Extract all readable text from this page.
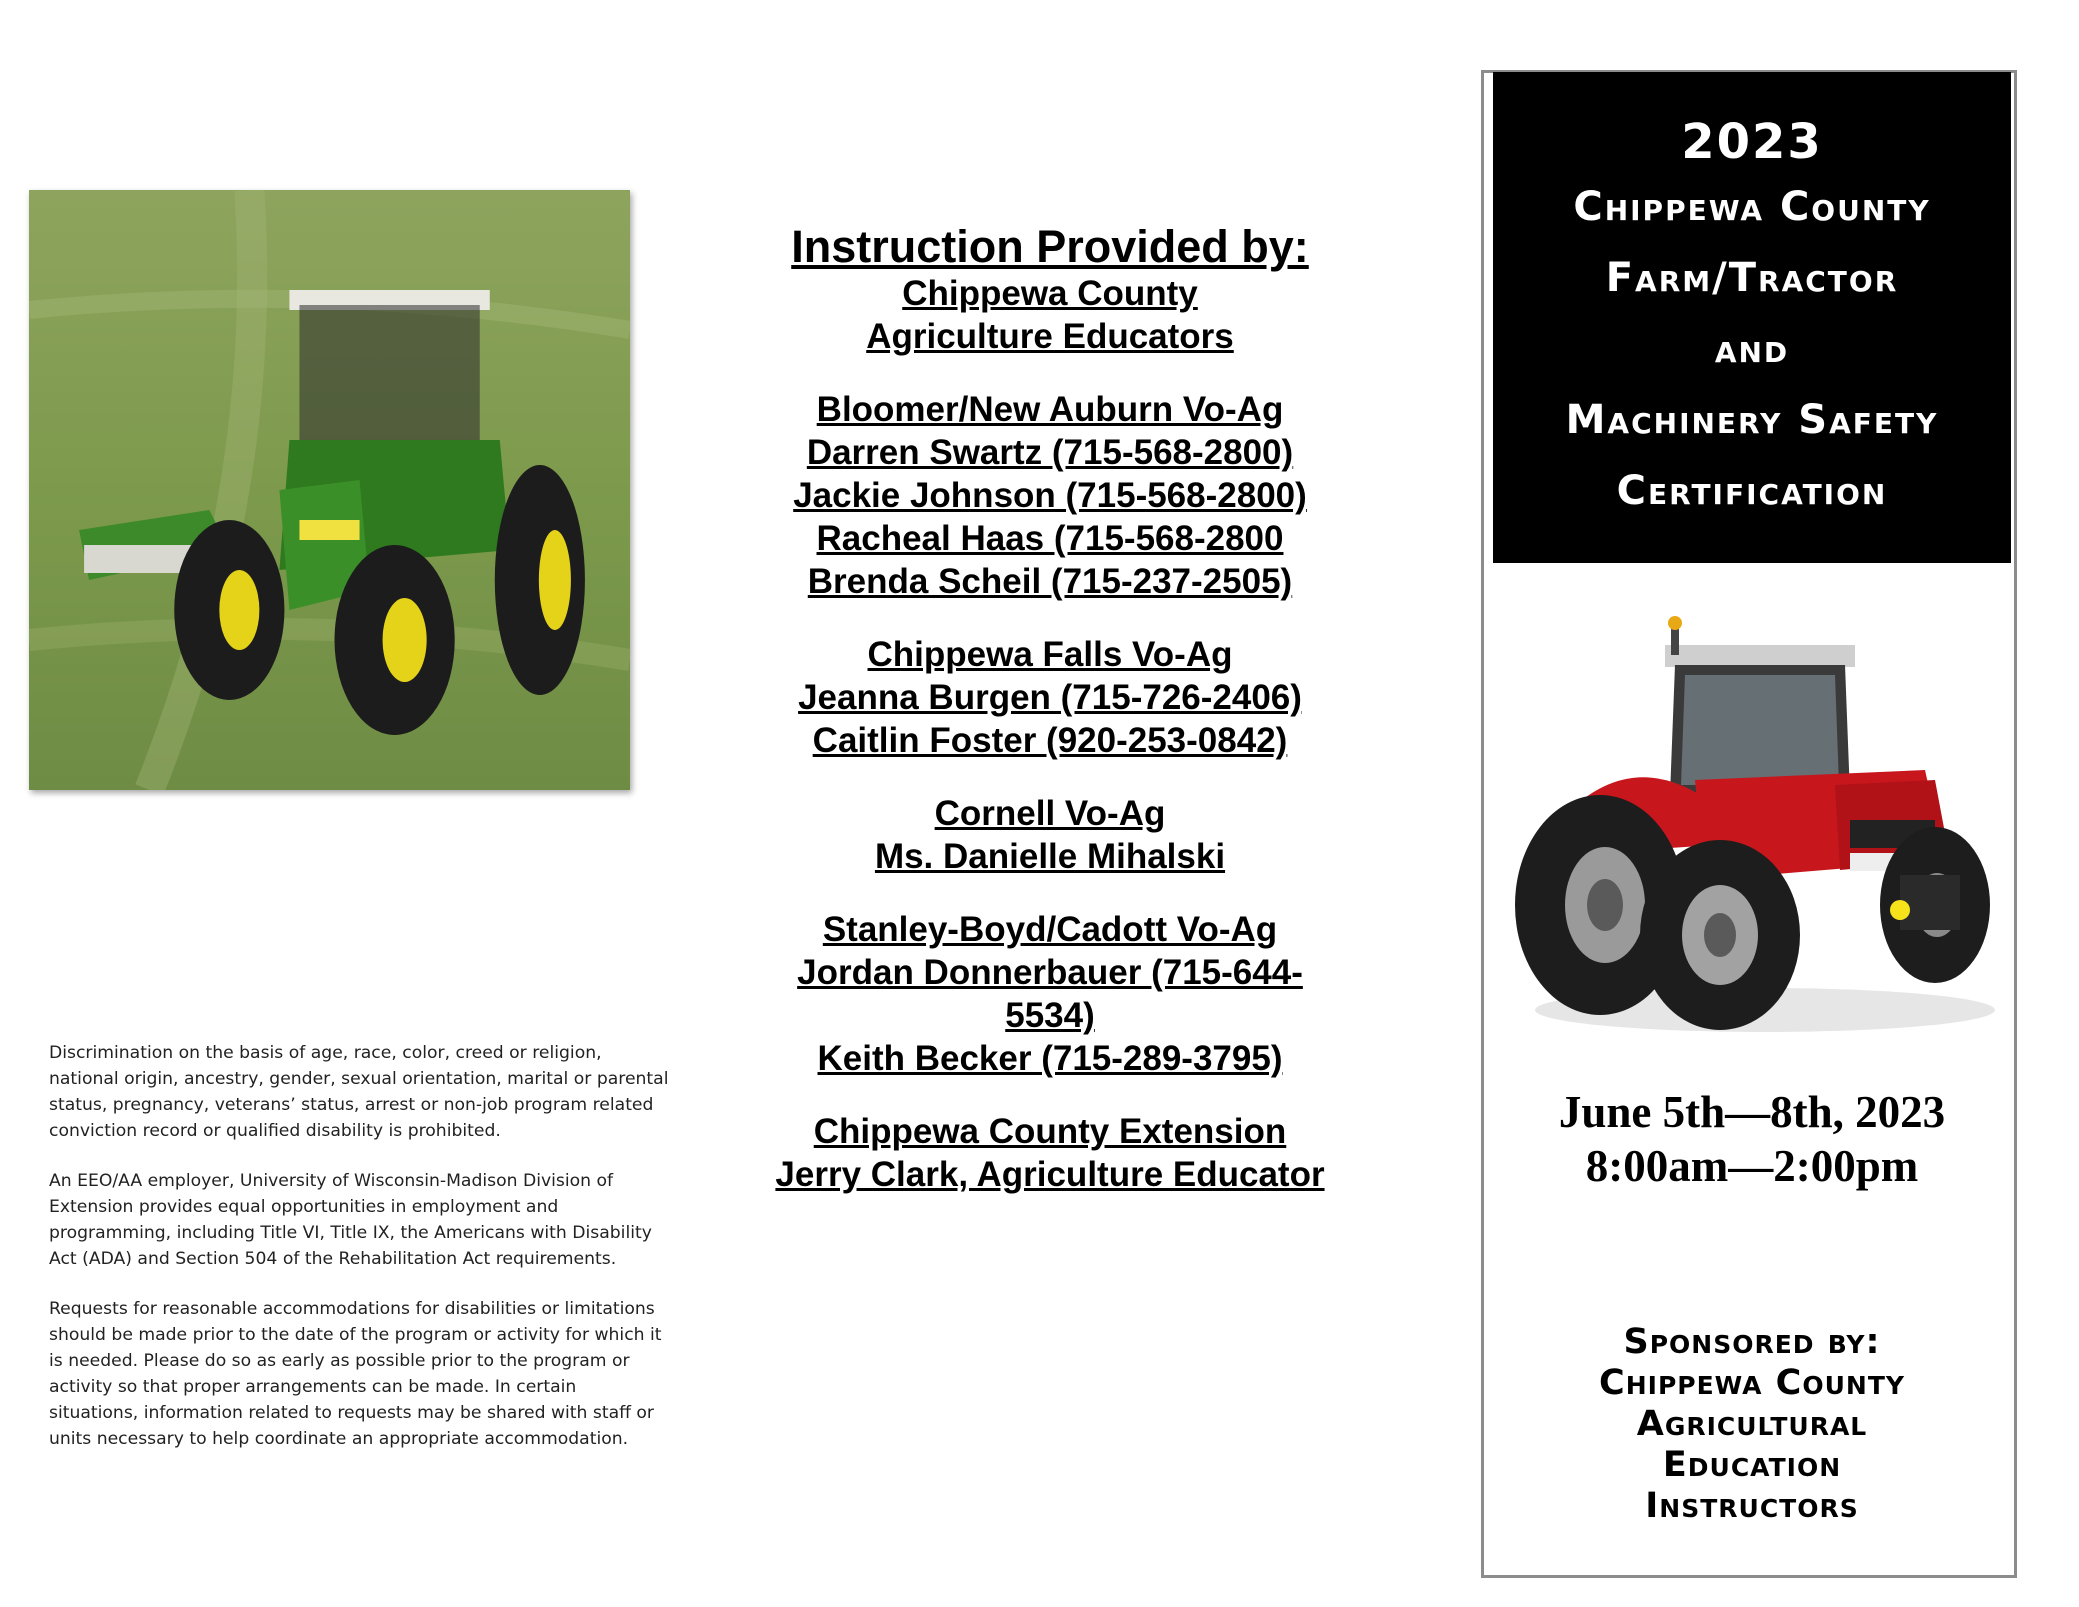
Discrimination on the basis of age, race, color, creed or religion, national origin, ancestry, gender, sexual orientation, marital or parental status, pregnancy, veterans’ status, arrest or non-job program related conviction record or qualified disability is prohibited.

An EEO/AA employer, University of Wisconsin-Madison Division of Extension provides equal opportunities in employment and programming, including Title VI, Title IX, the Americans with Disability Act (ADA) and Section 504 of the Rehabilitation Act requirements.

Requests for reasonable accommodations for disabilities or limitations should be made prior to the date of the program or activity for which it is needed. Please do so as early as possible prior to the program or activity so that proper arrangements can be made. In certain situations, information related to requests may be shared with staff or units necessary to help coordinate an appropriate accommodation.

Instruction Provided by:
Chippewa County
Agriculture Educators
Bloomer/New Auburn Vo-Ag
Darren Swartz (715-568-2800)
Jackie Johnson (715-568-2800)
Racheal Haas (715-568-2800
Brenda Scheil (715-237-2505)
Chippewa Falls Vo-Ag
Jeanna Burgen (715-726-2406)
Caitlin Foster (920-253-0842)
Cornell Vo-Ag
Ms. Danielle Mihalski
Stanley-Boyd/Cadott Vo-Ag
Jordan Donnerbauer (715-644-
5534)
Keith Becker (715-289-3795)
Chippewa County Extension
Jerry Clark, Agriculture Educator
2023
Chippewa County
Farm/Tractor
and
Machinery Safety
Certification
June 5th—8th, 2023
8:00am—2:00pm
Sponsored by:
Chippewa County
Agricultural
Education
Instructors
